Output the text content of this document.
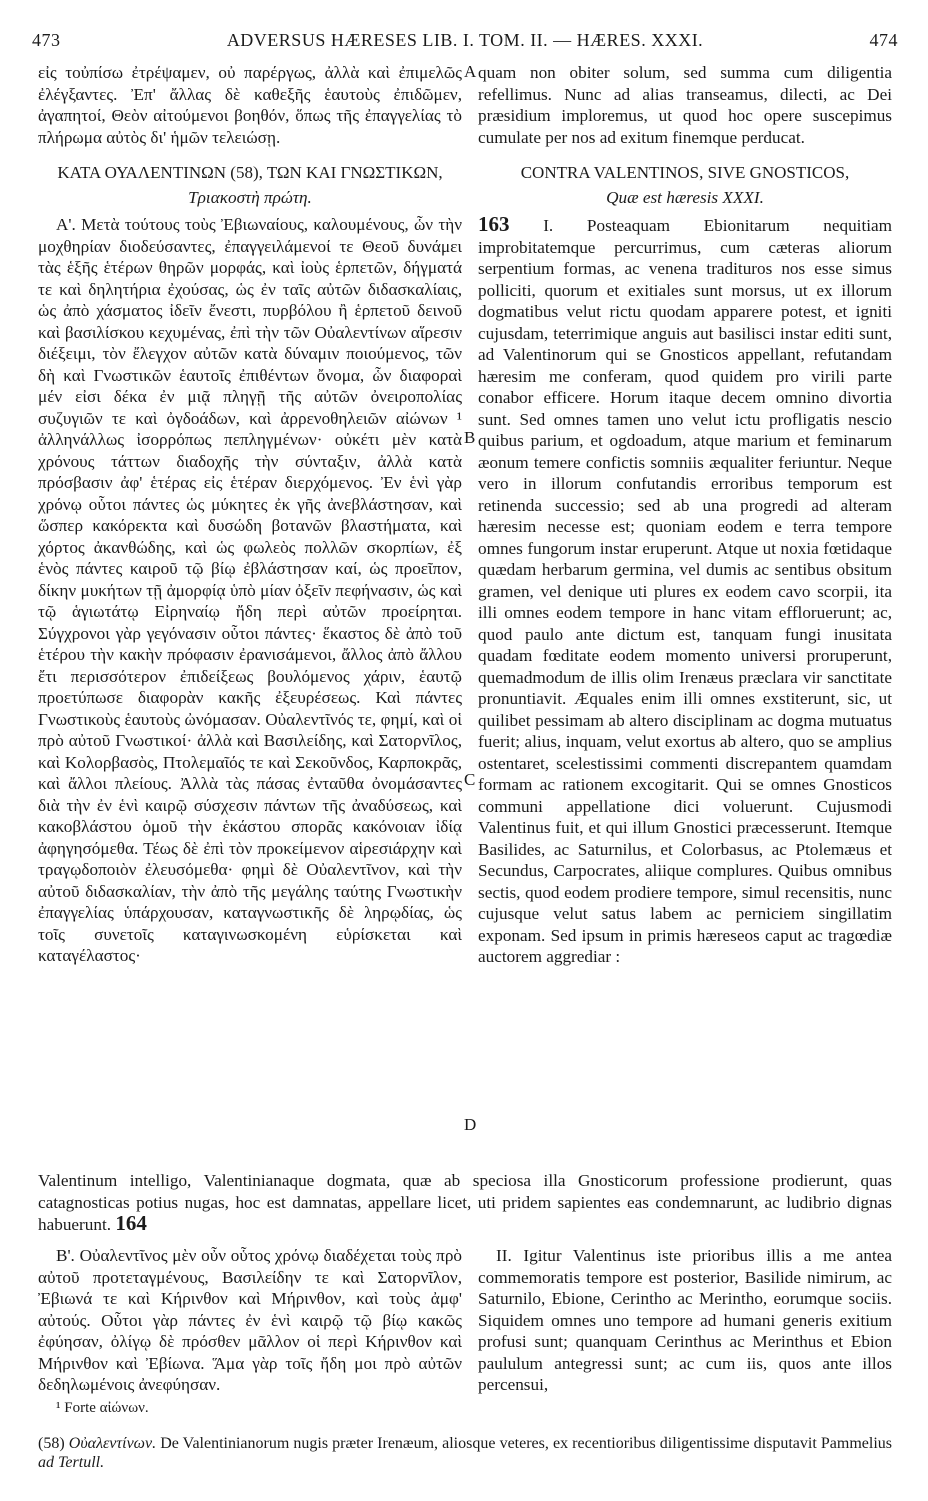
473	ADVERSUS HÆRESES LIB. I. TOM. II. — HÆRES. XXXI.	474

εἰς τοὐπίσω ἐτρέψαμεν, οὐ παρέργως, ἀλλὰ καὶ ἐπιμελῶς ἐλέγξαντες. Ἐπ' ἄλλας δὲ καθεξῆς ἑαυτοὺς ἐπιδῶμεν, ἀγαπητοί, Θεὸν αἰτούμενοι βοηθόν, ὅπως τῆς ἐπαγγελίας τὸ πλήρωμα αὐτὸς δι' ἡμῶν τελειώσῃ.

ΚΑΤΑ ΟΥΑΛΕΝΤΙΝΩΝ (58), ΤΩΝ ΚΑΙ ΓΝΩΣΤΙΚΩΝ,

Τριακοστὴ πρώτη.

Α'. Μετὰ τούτους τοὺς Ἐβιωναίους, καλουμένους, ὧν τὴν μοχθηρίαν διοδεύσαντες, ἐπαγγειλάμενοί τε Θεοῦ δυνάμει τὰς ἑξῆς ἑτέρων θηρῶν μορφάς, καὶ ἰοὺς ἑρπετῶν, δήγματά τε καὶ δηλητήρια ἐχούσας, ὡς ἐν ταῖς αὐτῶν διδασκαλίαις, ὡς ἀπὸ χάσματος ἰδεῖν ἔνεστι, πυρβόλου ἢ ἑρπετοῦ δεινοῦ καὶ βασιλίσκου κεχυμένας, ἐπὶ τὴν τῶν Οὐαλεντίνων αἵρεσιν διέξειμι, τὸν ἔλεγχον αὐτῶν κατὰ δύναμιν ποιούμενος, τῶν δὴ καὶ Γνωστικῶν ἑαυτοῖς ἐπιθέντων ὄνομα, ὧν διαφοραὶ μέν εἰσι δέκα ἐν μιᾷ πληγῇ τῆς αὐτῶν ὀνειροπολίας συζυγιῶν τε καὶ ὀγδοάδων, καὶ ἀρρενοθηλειῶν αἰώνων ¹ ἀλληνάλλως ἰσορρόπως πεπληγμένων· οὐκέτι μὲν κατὰ χρόνους τάττων διαδοχῆς τὴν σύνταξιν, ἀλλὰ κατὰ πρόσβασιν ἀφ' ἑτέρας εἰς ἑτέραν διερχόμενος. Ἐν ἑνὶ γὰρ χρόνῳ οὗτοι πάντες ὡς μύκητες ἐκ γῆς ἀνεβλάστησαν, καὶ ὥσπερ κακόρεκτα καὶ δυσώδη βοτανῶν βλαστήματα, καὶ χόρτος ἀκανθώδης, καὶ ὡς φωλεὸς πολλῶν σκορπίων, ἐξ ἑνὸς πάντες καιροῦ τῷ βίῳ ἐβλάστησαν καί, ὡς προεῖπον, δίκην μυκήτων τῇ ἀμορφίᾳ ὑπὸ μίαν ὀξεῖν πεφήνασιν, ὡς καὶ τῷ ἁγιωτάτῳ Εἰρηναίῳ ἤδη περὶ αὐτῶν προείρηται. Σύγχρονοι γὰρ γεγόνασιν οὗτοι πάντες· ἕκαστος δὲ ἀπὸ τοῦ ἑτέρου τὴν κακὴν πρόφασιν ἐρανισάμενοι, ἄλλος ἀπὸ ἄλλου ἔτι περισσότερον ἐπιδείξεως βουλόμενος χάριν, ἑαυτῷ προετύπωσε διαφορὰν κακῆς ἐξευρέσεως. Καὶ πάντες Γνωστικοὺς ἑαυτοὺς ὠνόμασαν. Οὐαλεντῖνός τε, φημί, καὶ οἱ πρὸ αὐτοῦ Γνωστικοί· ἀλλὰ καὶ Βασιλείδης, καὶ Σατορνῖλος, καὶ Κολορβασὸς, Πτολεμαῖός τε καὶ Σεκοῦνδος, Καρποκρᾶς, καὶ ἄλλοι πλείους. Ἀλλὰ τὰς πάσας ἐνταῦθα ὀνομάσαντες διὰ τὴν ἐν ἑνὶ καιρῷ σύσχεσιν πάντων τῆς ἀναδύσεως, καὶ κακοβλάστου ὁμοῦ τὴν ἑκάστου σπορᾶς κακόνοιαν ἰδίᾳ ἀφηγησόμεθα. Τέως δὲ ἐπὶ τὸν προκείμενον αἱρεσιάρχην καὶ τραγῳδοποιὸν ἐλευσόμεθα· φημὶ δὲ Οὐαλεντῖνον, καὶ τὴν αὐτοῦ διδασκαλίαν, τὴν ἀπὸ τῆς μεγάλης ταύτης Γνωστικὴν ἐπαγγελίας ὑπάρχουσαν, καταγνωστικῆς δὲ ληρῳδίας, ὡς τοῖς συνετοῖς καταγινωσκομένη εὑρίσκεται καὶ καταγέλαστος·

quam non obiter solum, sed summa cum diligentia refellimus. Nunc ad alias transeamus, dilecti, ac Dei præsidium imploremus, ut quod hoc opere suscepimus cumulate per nos ad exitum finemque perducat.

CONTRA VALENTINOS, SIVE GNOSTICOS,

Quæ est hæresis XXXI.

163 I. Posteaquam Ebionitarum nequitiam improbitatemque percurrimus, cum cæteras aliorum serpentium formas, ac venena tradituros nos esse simus polliciti, quorum et exitiales sunt morsus, ut ex illorum dogmatibus velut rictu quodam apparere potest, et igniti cujusdam, teterrimique anguis aut basilisci instar editi sunt, ad Valentinorum qui se Gnosticos appellant, refutandam hæresim me conferam, quod quidem pro virili parte conabor efficere. Horum itaque decem omnino divortia sunt. Sed omnes tamen uno velut ictu profligatis nescio quibus parium, et ogdoadum, atque marium et feminarum æonum temere confictis somniis æqualiter feriuntur. Neque vero in illorum confutandis erroribus temporum est retinenda successio; sed ab una progredi ad alteram hæresim necesse est; quoniam eodem e terra tempore omnes fungorum instar eruperunt. Atque ut noxia fœtidaque quædam herbarum germina, vel dumis ac sentibus obsitum gramen, vel denique uti plures ex eodem cavo scorpii, ita illi omnes eodem tempore in hanc vitam effloruerunt; ac, quod paulo ante dictum est, tanquam fungi inusitata quadam fœditate eodem momento universi proruperunt, quemadmodum de illis olim Irenæus præclara vir sanctitate pronuntiavit. Æquales enim illi omnes exstiterunt, sic, ut quilibet pessimam ab altero disciplinam ac dogma mutuatus fuerit; alius, inquam, velut exortus ab altero, quo se amplius ostentaret, scelestissimi commenti discrepantem quamdam formam ac rationem excogitarit. Qui se omnes Gnosticos communi appellatione dici voluerunt. Cujusmodi Valentinus fuit, et qui illum Gnostici præcesserunt. Itemque Basilides, ac Saturnilus, et Colorbasus, ac Ptolemæus et Secundus, Carpocrates, aliique complures. Quibus omnibus sectis, quod eodem prodiere tempore, simul recensitis, nunc cujusque velut satus labem ac perniciem singillatim exponam. Sed ipsum in primis hæreseos caput ac tragœdiæ auctorem aggrediar :

A
B
C
D
Valentinum intelligo, Valentinianaque dogmata, quæ ab speciosa illa Gnosticorum professione prodierunt, quas catagnosticas potius nugas, hoc est damnatas, appellare licet, uti pridem sapientes eas condemnarunt, ac ludibrio dignas habuerunt. 164

Β'. Οὐαλεντῖνος μὲν οὖν οὗτος χρόνῳ διαδέχεται τοὺς πρὸ αὐτοῦ προτεταγμένους, Βασιλείδην τε καὶ Σατορνῖλον, Ἐβιωνά τε καὶ Κήρινθον καὶ Μήρινθον, καὶ τοὺς ἀμφ' αὐτούς. Οὗτοι γὰρ πάντες ἐν ἑνὶ καιρῷ τῷ βίῳ κακῶς ἐφύησαν, ὀλίγῳ δὲ πρόσθεν μᾶλλον οἱ περὶ Κήρινθον καὶ Μήρινθον καὶ Ἐβίωνα. Ἅμα γὰρ τοῖς ἤδη μοι πρὸ αὐτῶν δεδηλωμένοις ἀνεφύησαν.

¹ Forte αἰώνων.

II. Igitur Valentinus iste prioribus illis a me antea commemoratis tempore est posterior, Basilide nimirum, ac Saturnilo, Ebione, Cerintho ac Merintho, eorumque sociis. Siquidem omnes uno tempore ad humani generis exitium profusi sunt; quanquam Cerinthus ac Merinthus et Ebion paululum antegressi sunt; ac cum iis, quos ante illos percensui,

(58) Οὐαλεντίνων. De Valentinianorum nugis præter Irenæum, aliosque veteres, ex recentioribus diligentissime disputavit Pammelius ad Tertull.
